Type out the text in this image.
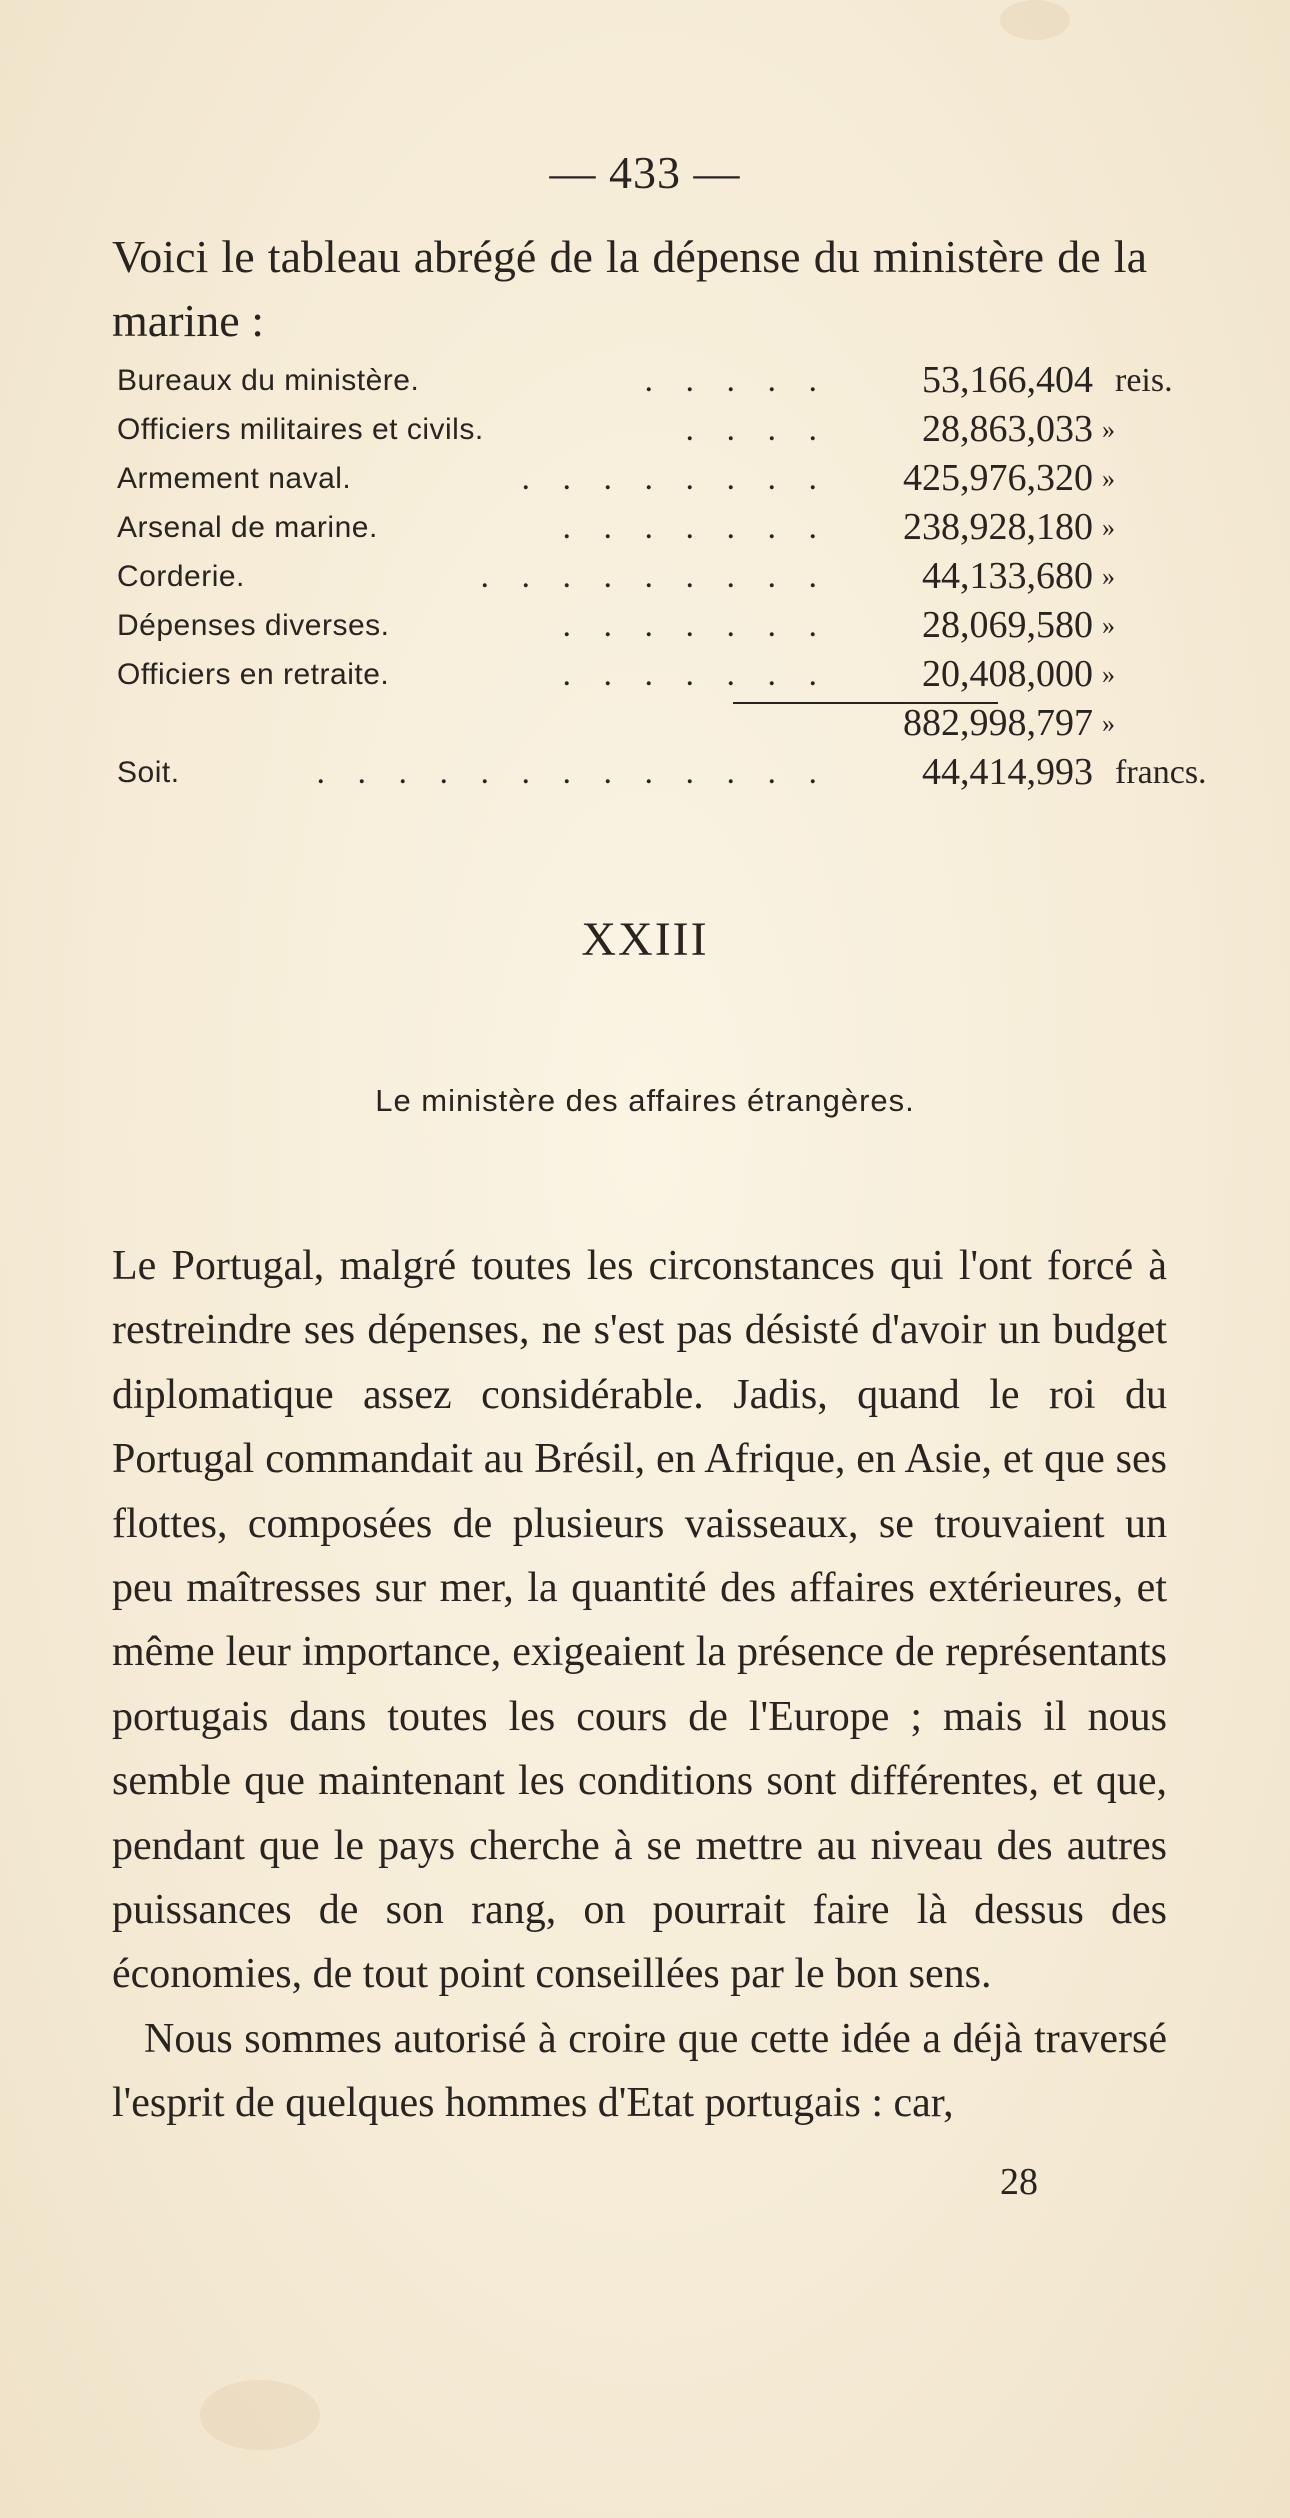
— 433 —
Voici le tableau abrégé de la dépense du ministère de la marine :
Bureaux du ministère.	. . . . .	53,166,404 reis.
Officiers militaires et civils.	. . . .	28,863,033 »
Armement naval.	. . . . . . . .	425,976,320 »
Arsenal de marine.	. . . . . . .	238,928,180 »
Corderie.	. . . . . . . . .	44,133,680 »
Dépenses diverses.	. . . . . . .	28,069,580 »
Officiers en retraite.	. . . . . . .	20,408,000 »
882,998,797 »
Soit.	. . . . . . . . . . . . .	44,414,993 francs.
XXIII
Le ministère des affaires étrangères.

Le Portugal, malgré toutes les circonstances qui l'ont forcé à restreindre ses dépenses, ne s'est pas désisté d'avoir un budget diplomatique assez considérable. Jadis, quand le roi du Portugal commandait au Brésil, en Afrique, en Asie, et que ses flottes, composées de plusieurs vaisseaux, se trouvaient un peu maîtresses sur mer, la quantité des affaires extérieures, et même leur importance, exigeaient la présence de représentants portugais dans toutes les cours de l'Europe ; mais il nous semble que maintenant les conditions sont différentes, et que, pendant que le pays cherche à se mettre au niveau des autres puissances de son rang, on pourrait faire là dessus des économies, de tout point conseillées par le bon sens.

Nous sommes autorisé à croire que cette idée a déjà traversé l'esprit de quelques hommes d'Etat portugais : car,

28
